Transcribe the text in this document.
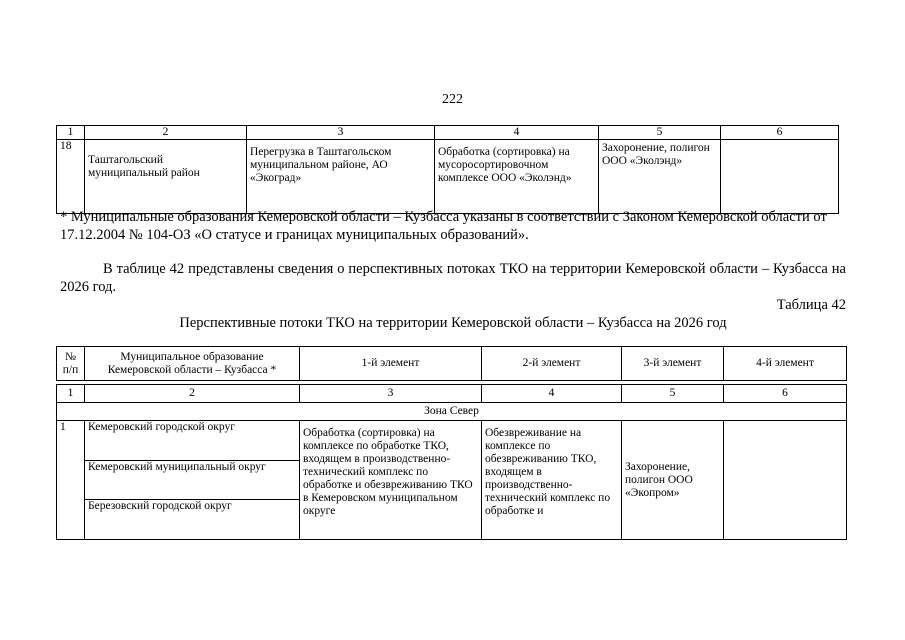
222
1	2	3	4	5	6
18	Таштагольский муниципальный район	Перегрузка в Таштагольском муниципальном районе, АО «Экоград»	Обработка (сортировка) на мусоросортировочном комплексе ООО «Эколэнд»	Захоронение, полигон ООО «Эколэнд»	
* Муниципальные образования Кемеровской области – Кузбасса указаны в соответствии с Законом Кемеровской области от 17.12.2004 № 104-ОЗ «О статусе и границах муниципальных образований».
В таблице 42 представлены сведения о перспективных потоках ТКО на территории Кемеровской области – Кузбасса на 2026 год.
Таблица 42
Перспективные потоки ТКО на территории Кемеровской области – Кузбасса на 2026 год
№ п/п	Муниципальное образование Кемеровской области – Кузбасса *	1-й элемент	2-й элемент	3-й элемент	4-й элемент
1	2	3	4	5	6
Зона Север					
1	Кемеровский городской округ	Обработка (сортировка) на комплексе по обработке ТКО, входящем в производственно-технический комплекс по обработке и обезвреживанию ТКО в Кемеровском муниципальном округе	Обезвреживание на комплексе по обезвреживанию ТКО, входящем в производственно-технический комплекс по обработке и	Захоронение, полигон ООО «Экопром»	
	Кемеровский муниципальный округ				
	Березовский городской округ				
